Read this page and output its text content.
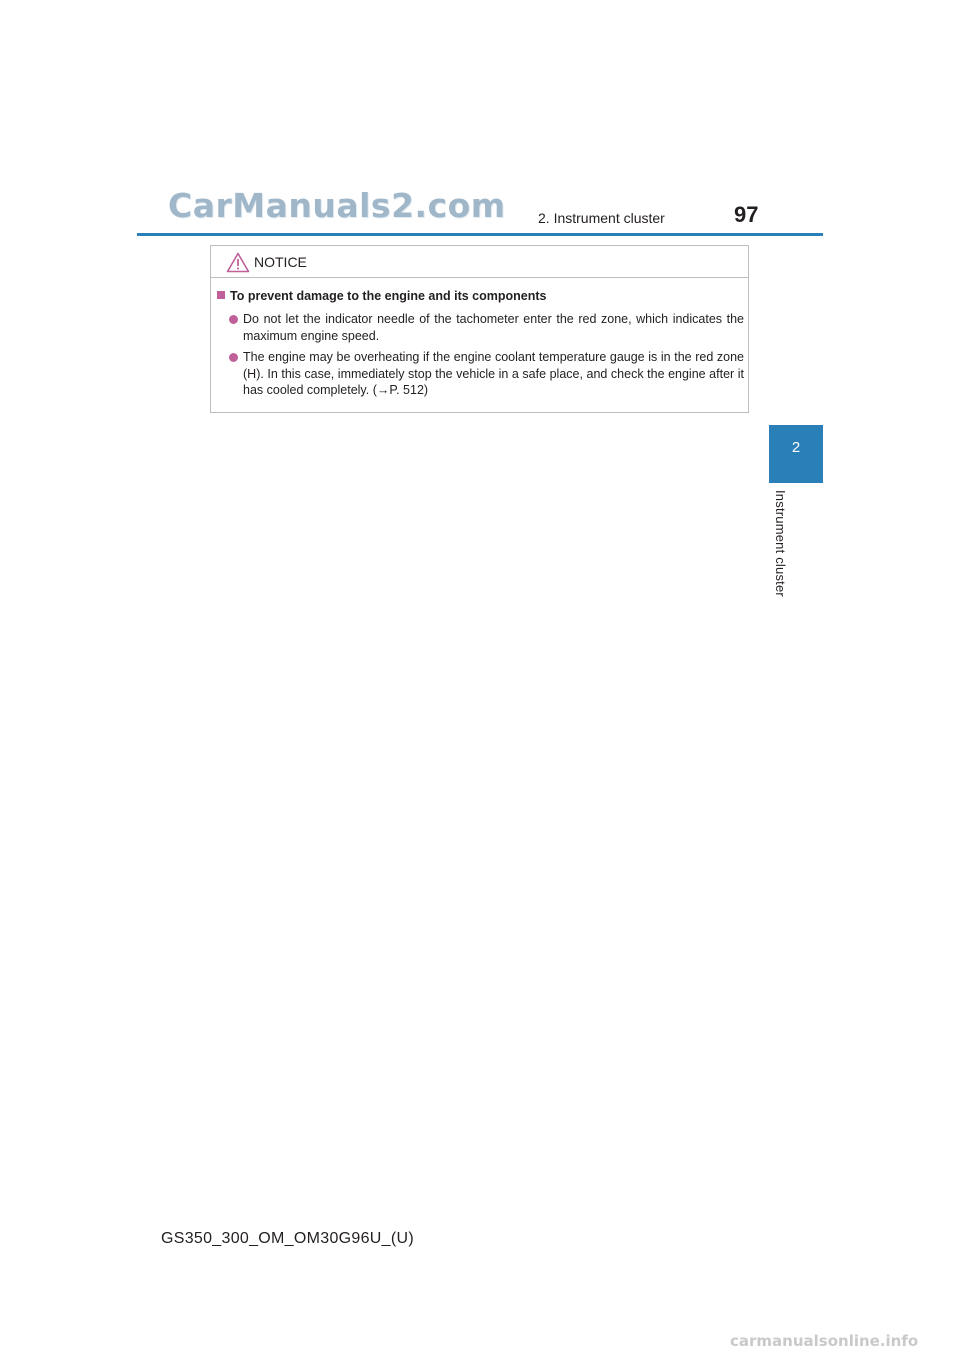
CarManuals2.com 2. Instrument cluster	97
2
Instrument cluster
NOTICE
To prevent damage to the engine and its components
Do not let the indicator needle of the tachometer enter the red zone, which indicates the maximum engine speed.
The engine may be overheating if the engine coolant temperature gauge is in the red zone (H). In this case, immediately stop the vehicle in a safe place, and check the engine after it has cooled completely. (→P. 512)
GS350_300_OM_OM30G96U_(U)
carmanualsonline.info
